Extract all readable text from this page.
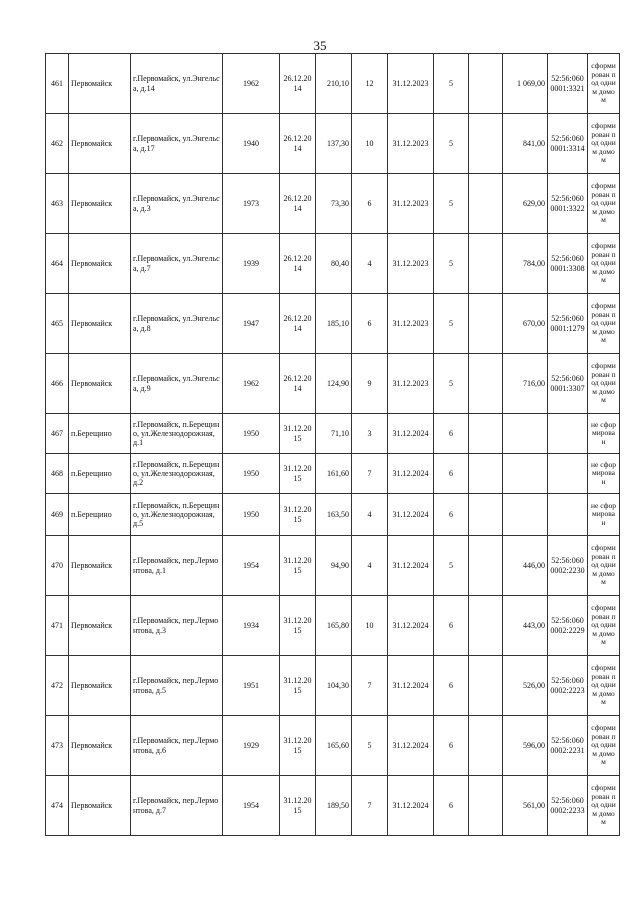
35
461	Первомайск	г.Первомайск, ул.Энгельса, д.14	1962	26.12.2014	210,10	12	31.12.2023	5		1 069,00	52:56:0600001:3321	сформирован под одним домом
462	Первомайск	г.Первомайск, ул.Энгельса, д.17	1940	26.12.2014	137,30	10	31.12.2023	5		841,00	52:56:0600001:3314	сформирован под одним домом
463	Первомайск	г.Первомайск, ул.Энгельса, д.3	1973	26.12.2014	73,30	6	31.12.2023	5		629,00	52:56:0600001:3322	сформирован под одним домом
464	Первомайск	г.Первомайск, ул.Энгельса, д.7	1939	26.12.2014	80,40	4	31.12.2023	5		784,00	52:56:0600001:3308	сформирован под одним домом
465	Первомайск	г.Первомайск, ул.Энгельса, д.8	1947	26.12.2014	185,10	6	31.12.2023	5		670,00	52:56:0600001:1279	сформирован под одним домом
466	Первомайск	г.Первомайск, ул.Энгельса, д.9	1962	26.12.2014	124,90	9	31.12.2023	5		716,00	52:56:0600001:3307	сформирован под одним домом
467	п.Берещино	г.Первомайск, п.Берещино, ул.Железнодорожная, д.1	1950	31.12.2015	71,10	3	31.12.2024	6				не сформирован
468	п.Берещино	г.Первомайск, п.Берещино, ул.Железнодорожная, д.2	1950	31.12.2015	161,60	7	31.12.2024	6				не сформирован
469	п.Берещино	г.Первомайск, п.Берещино, ул.Железнодорожная, д.5	1950	31.12.2015	163,50	4	31.12.2024	6				не сформирован
470	Первомайск	г.Первомайск, пер.Лермонтова, д.1	1954	31.12.2015	94,90	4	31.12.2024	5		446,00	52:56:0600002:2230	сформирован под одним домом
471	Первомайск	г.Первомайск, пер.Лермонтова, д.3	1934	31.12.2015	165,80	10	31.12.2024	6		443,00	52:56:0600002:2229	сформирован под одним домом
472	Первомайск	г.Первомайск, пер.Лермонтова, д.5	1951	31.12.2015	104,30	7	31.12.2024	6		526,00	52:56:0600002:2223	сформирован под одним домом
473	Первомайск	г.Первомайск, пер.Лермонтова, д.6	1929	31.12.2015	165,60	5	31.12.2024	6		596,00	52:56:0600002:2231	сформирован под одним домом
474	Первомайск	г.Первомайск, пер.Лермонтова, д.7	1954	31.12.2015	189,50	7	31.12.2024	6		561,00	52:56:0600002:2233	сформирован под одним домом
